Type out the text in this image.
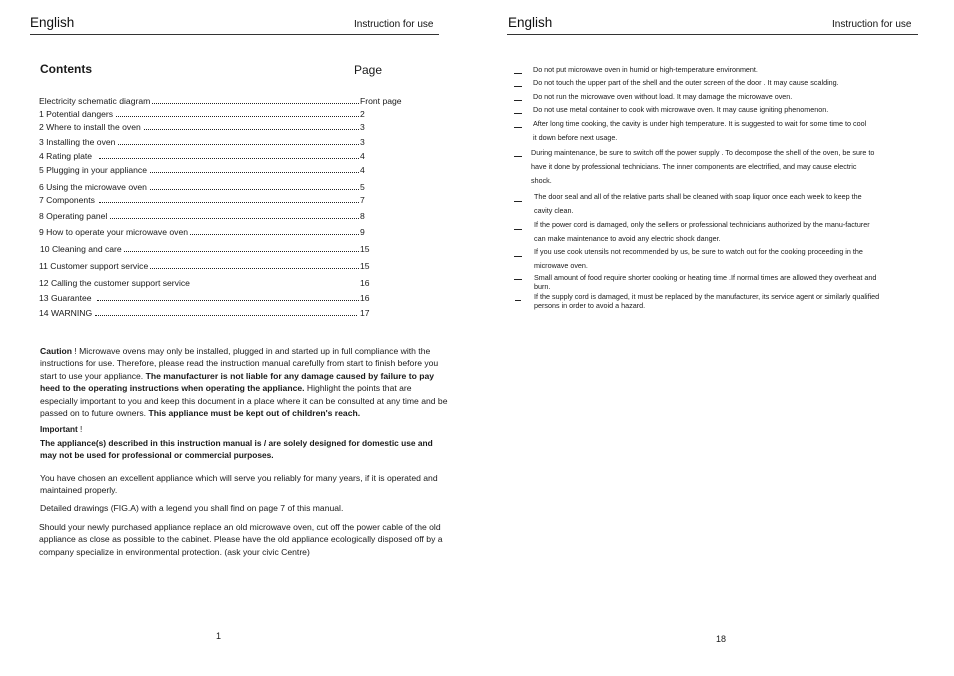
English	Instruction for use
Contents	Page
Electricity schematic diagram	Front page
1 Potential dangers	2
2 Where to install the oven	3
3 Installing the oven	3
4 Rating plate	4
5 Plugging in your appliance	4
6 Using the microwave oven	5
7 Components	7
8 Operating panel	8
9 How to operate your microwave oven	9
10 Cleaning and care	15
11 Customer support service	15
12 Calling the customer support service	16
13 Guarantee	16
14 WARNING	17
Caution ! Microwave ovens may only be installed, plugged in and started up in full compliance with the instructions for use. Therefore, please read the instruction manual carefully from start to finish before you start to use your appliance. The manufacturer is not liable for any damage caused by failure to pay heed to the operating instructions when operating the appliance. Highlight the points that are especially important to you and keep this document in a place where it can be consulted at any time and be passed on to future owners. This appliance must be kept out of children's reach.
Important !
The appliance(s) described in this instruction manual is / are solely designed for domestic use and may not be used for professional or commercial purposes.
You have chosen an excellent appliance which will serve you reliably for many years, if it is operated and maintained properly.
Detailed drawings (FIG.A) with a legend you shall find on page 7 of this manual.
Should your newly purchased appliance replace an old microwave oven, cut off the power cable of the old appliance as close as possible to the cabinet. Please have the old appliance ecologically disposed off by a company specialize in environmental protection. (ask your civic Centre)
1
English	Instruction for use
Do not put microwave oven in humid or high-temperature environment.
Do not touch the upper part of the shell and the outer screen of the door . It may cause scalding.
Do not run the microwave oven without load. It may damage the microwave oven.
Do not use metal container to cook with microwave oven. It may cause igniting phenomenon.
After long time cooking, the cavity is under high temperature. It is suggested to wait for some time to cool it down before next usage.
During maintenance, be sure to switch off the power supply . To decompose the shell of the oven, be sure to have it done by professional technicians. The inner components are electrified, and may cause electric shock.
The door seal and all of the relative parts shall be cleaned with soap liquor once each week to keep the cavity clean.
If the power cord is damaged, only the sellers or professional technicians authorized by the manu-facturer can make maintenance to avoid any electric shock danger.
If you use cook utensils not recommended by us, be sure to watch out for the cooking proceeding in the microwave oven.
Small amount of food require shorter cooking or heating time .If normal times are allowed they overheat and burn.
If the supply cord is damaged, it must be replaced by the manufacturer, its service agent or similarly qualified persons in order to avoid a hazard.
18
